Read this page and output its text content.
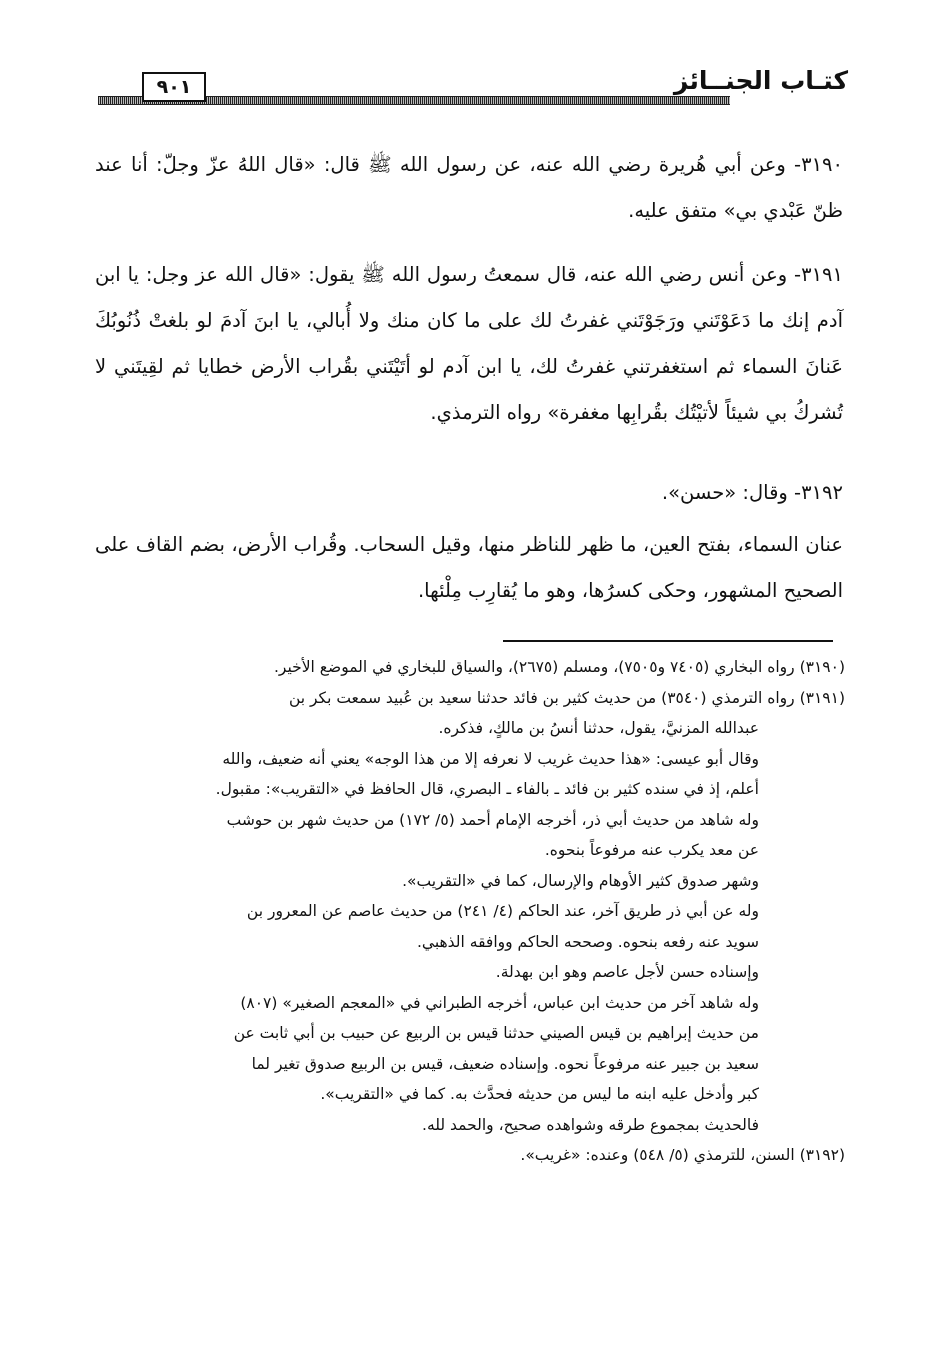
٩٠١	كتـاب الجنــائز

٣١٩٠- وعن أبي هُريرة رضي الله عنه، عن رسول الله ﷺ قال: «قال اللهُ عزّ وجلّ: أنا عند ظنّ عَبْدي بي» متفق عليه.

٣١٩١- وعن أنس رضي الله عنه، قال سمعتُ رسول الله ﷺ يقول: «قال الله عز وجل: يا ابن آدم إنك ما دَعَوْتَني ورَجَوْتَني غفرتُ لك على ما كان منك ولا أُبالي، يا ابنَ آدمَ لو بلغتْ ذُنُوبُكَ عَنانَ السماء ثم استغفرتني غفرتُ لك، يا ابن آدم لو أتَيْتَني بقُراب الأرض خطايا ثم لقِيتَني لا تُشركُ بي شيئاً لأتيْتُك بقُرابِها مغفرة» رواه الترمذي.

٣١٩٢- وقال: «حسن».

عنان السماء، بفتح العين، ما ظهر للناظر منها، وقيل السحاب. وقُراب الأرض، بضم القاف على الصحيح المشهور، وحكى كسرُها، وهو ما يُقارِب مِلْئها.

(٣١٩٠) رواه البخاري (٧٤٠٥ و٧٥٠٥)، ومسلم (٢٦٧٥)، والسياق للبخاري في الموضع الأخير.

(٣١٩١) رواه الترمذي (٣٥٤٠) من حديث كثير بن فائد حدثنا سعيد بن عُبيد سمعت بكر بن

عبدالله المزنيَّ، يقول، حدثنا أنسُ بن مالكٍ، فذكره.

وقال أبو عيسى: «هذا حديث غريب لا نعرفه إلا من هذا الوجه» يعني أنه ضعيف، والله

أعلم، إذ في سنده كثير بن فائد ـ بالفاء ـ البصري، قال الحافظ في «التقريب»: مقبول.

وله شاهد من حديث أبي ذر، أخرجه الإمام أحمد (٥/ ١٧٢) من حديث شهر بن حوشب

عن معد يكرب عنه مرفوعاً بنحوه.

وشهر صدوق كثير الأوهام والإرسال، كما في «التقريب».

وله عن أبي ذر طريق آخر، عند الحاكم (٤/ ٢٤١) من حديث عاصم عن المعرور بن

سويد عنه رفعه بنحوه. وصححه الحاكم ووافقه الذهبي.

وإسناده حسن لأجل عاصم وهو ابن بهدلة.

وله شاهد آخر من حديث ابن عباس، أخرجه الطبراني في «المعجم الصغير» (٨٠٧)

من حديث إبراهيم بن قيس الصيني حدثنا قيس بن الربيع عن حبيب بن أبي ثابت عن

سعيد بن جبير عنه مرفوعاً نحوه. وإسناده ضعيف، قيس بن الربيع صدوق تغير لما

كبر وأدخل عليه ابنه ما ليس من حديثه فحدَّث به. كما في «التقريب».

فالحديث بمجموع طرقه وشواهده صحيح، والحمد لله.

(٣١٩٢) السنن، للترمذي (٥/ ٥٤٨) وعنده: «غريب».
